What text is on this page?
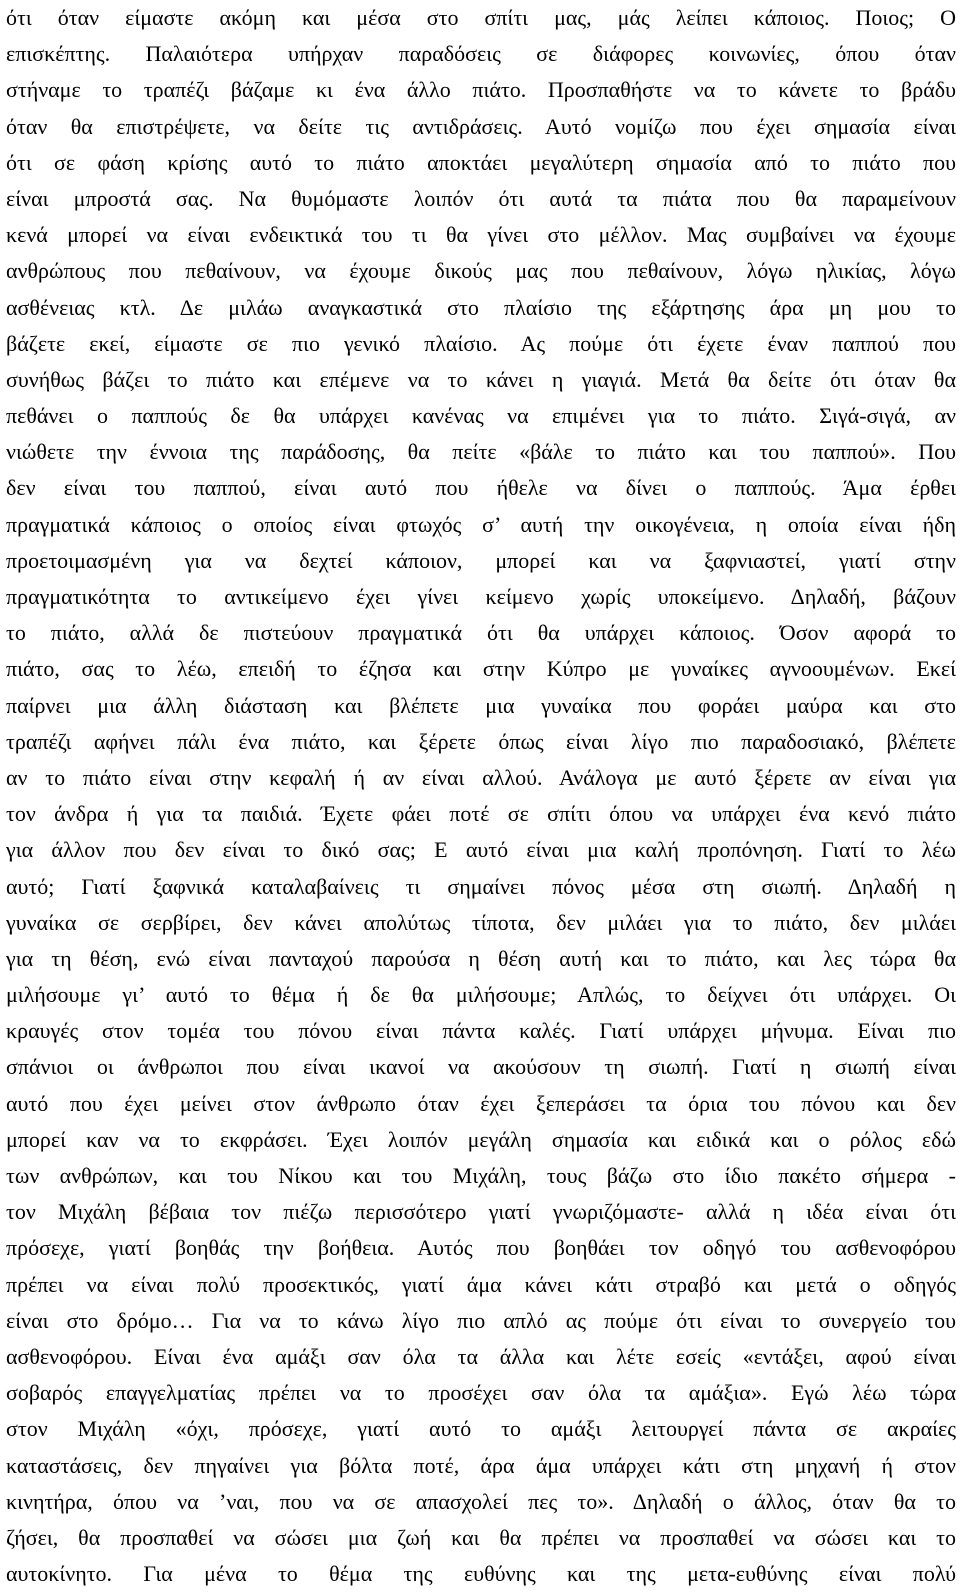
ότι όταν είμαστε ακόμη και μέσα στο σπίτι μας, μάς λείπει κάποιος. Ποιος; Ο
επισκέπτης. Παλαιότερα υπήρχαν παραδόσεις σε διάφορες κοινωνίες, όπου όταν
στήναμε το τραπέζι βάζαμε κι ένα άλλο πιάτο. Προσπαθήστε να το κάνετε το βράδυ
όταν θα επιστρέψετε, να δείτε τις αντιδράσεις. Αυτό νομίζω που έχει σημασία είναι
ότι σε φάση κρίσης αυτό το πιάτο αποκτάει μεγαλύτερη σημασία από το πιάτο που
είναι μπροστά σας. Να θυμόμαστε λοιπόν ότι αυτά τα πιάτα που θα παραμείνουν
κενά μπορεί να είναι ενδεικτικά του τι θα γίνει στο μέλλον. Μας συμβαίνει να έχουμε
ανθρώπους που πεθαίνουν, να έχουμε δικούς μας που πεθαίνουν, λόγω ηλικίας, λόγω
ασθένειας κτλ. Δε μιλάω αναγκαστικά στο πλαίσιο της εξάρτησης άρα μη μου το
βάζετε εκεί, είμαστε σε πιο γενικό πλαίσιο. Ας πούμε ότι έχετε έναν παππού που
συνήθως βάζει το πιάτο και επέμενε να το κάνει η γιαγιά. Μετά θα δείτε ότι όταν θα
πεθάνει ο παππούς δε θα υπάρχει κανένας να επιμένει για το πιάτο. Σιγά-σιγά, αν
νιώθετε την έννοια της παράδοσης, θα πείτε «βάλε το πιάτο και του παππού». Που
δεν είναι του παππού, είναι αυτό που ήθελε να δίνει ο παππούς. Άμα έρθει
πραγματικά κάποιος ο οποίος είναι φτωχός σ’ αυτή την οικογένεια, η οποία είναι ήδη
προετοιμασμένη για να δεχτεί κάποιον, μπορεί και να ξαφνιαστεί, γιατί στην
πραγματικότητα το αντικείμενο έχει γίνει κείμενο χωρίς υποκείμενο. Δηλαδή, βάζουν
το πιάτο, αλλά δε πιστεύουν πραγματικά ότι θα υπάρχει κάποιος. Όσον αφορά το
πιάτο, σας το λέω, επειδή το έζησα και στην Κύπρο με γυναίκες αγνοουμένων. Εκεί
παίρνει μια άλλη διάσταση και βλέπετε μια γυναίκα που φοράει μαύρα και στο
τραπέζι αφήνει πάλι ένα πιάτο, και ξέρετε όπως είναι λίγο πιο παραδοσιακό, βλέπετε
αν το πιάτο είναι στην κεφαλή ή αν είναι αλλού. Ανάλογα με αυτό ξέρετε αν είναι για
τον άνδρα ή για τα παιδιά. Έχετε φάει ποτέ σε σπίτι όπου να υπάρχει ένα κενό πιάτο
για άλλον που δεν είναι το δικό σας; Ε αυτό είναι μια καλή προπόνηση. Γιατί το λέω
αυτό; Γιατί ξαφνικά καταλαβαίνεις τι σημαίνει πόνος μέσα στη σιωπή. Δηλαδή η
γυναίκα σε σερβίρει, δεν κάνει απολύτως τίποτα, δεν μιλάει για το πιάτο, δεν μιλάει
για τη θέση, ενώ είναι πανταχού παρούσα η θέση αυτή και το πιάτο, και λες τώρα θα
μιλήσουμε γι’ αυτό το θέμα ή δε θα μιλήσουμε; Απλώς, το δείχνει ότι υπάρχει. Οι
κραυγές στον τομέα του πόνου είναι πάντα καλές. Γιατί υπάρχει μήνυμα. Είναι πιο
σπάνιοι οι άνθρωποι που είναι ικανοί να ακούσουν τη σιωπή. Γιατί η σιωπή είναι
αυτό που έχει μείνει στον άνθρωπο όταν έχει ξεπεράσει τα όρια του πόνου και δεν
μπορεί καν να το εκφράσει. Έχει λοιπόν μεγάλη σημασία και ειδικά και ο ρόλος εδώ
των ανθρώπων, και του Νίκου και του Μιχάλη, τους βάζω στο ίδιο πακέτο σήμερα -
τον Μιχάλη βέβαια τον πιέζω περισσότερο γιατί γνωριζόμαστε- αλλά η ιδέα είναι ότι
πρόσεχε, γιατί βοηθάς την βοήθεια. Αυτός που βοηθάει τον οδηγό του ασθενοφόρου
πρέπει να είναι πολύ προσεκτικός, γιατί άμα κάνει κάτι στραβό και μετά ο οδηγός
είναι στο δρόμο… Για να το κάνω λίγο πιο απλό ας πούμε ότι είναι το συνεργείο του
ασθενοφόρου. Είναι ένα αμάξι σαν όλα τα άλλα και λέτε εσείς «εντάξει, αφού είναι
σοβαρός επαγγελματίας πρέπει να το προσέχει σαν όλα τα αμάξια». Εγώ λέω τώρα
στον Μιχάλη «όχι, πρόσεχε, γιατί αυτό το αμάξι λειτουργεί πάντα σε ακραίες
καταστάσεις, δεν πηγαίνει για βόλτα ποτέ, άρα άμα υπάρχει κάτι στη μηχανή ή στον
κινητήρα, όπου να ’ναι, που να σε απασχολεί πες το». Δηλαδή ο άλλος, όταν θα το
ζήσει, θα προσπαθεί να σώσει μια ζωή και θα πρέπει να προσπαθεί να σώσει και το
αυτοκίνητο. Για μένα το θέμα της ευθύνης και της μετα-ευθύνης είναι πολύ
